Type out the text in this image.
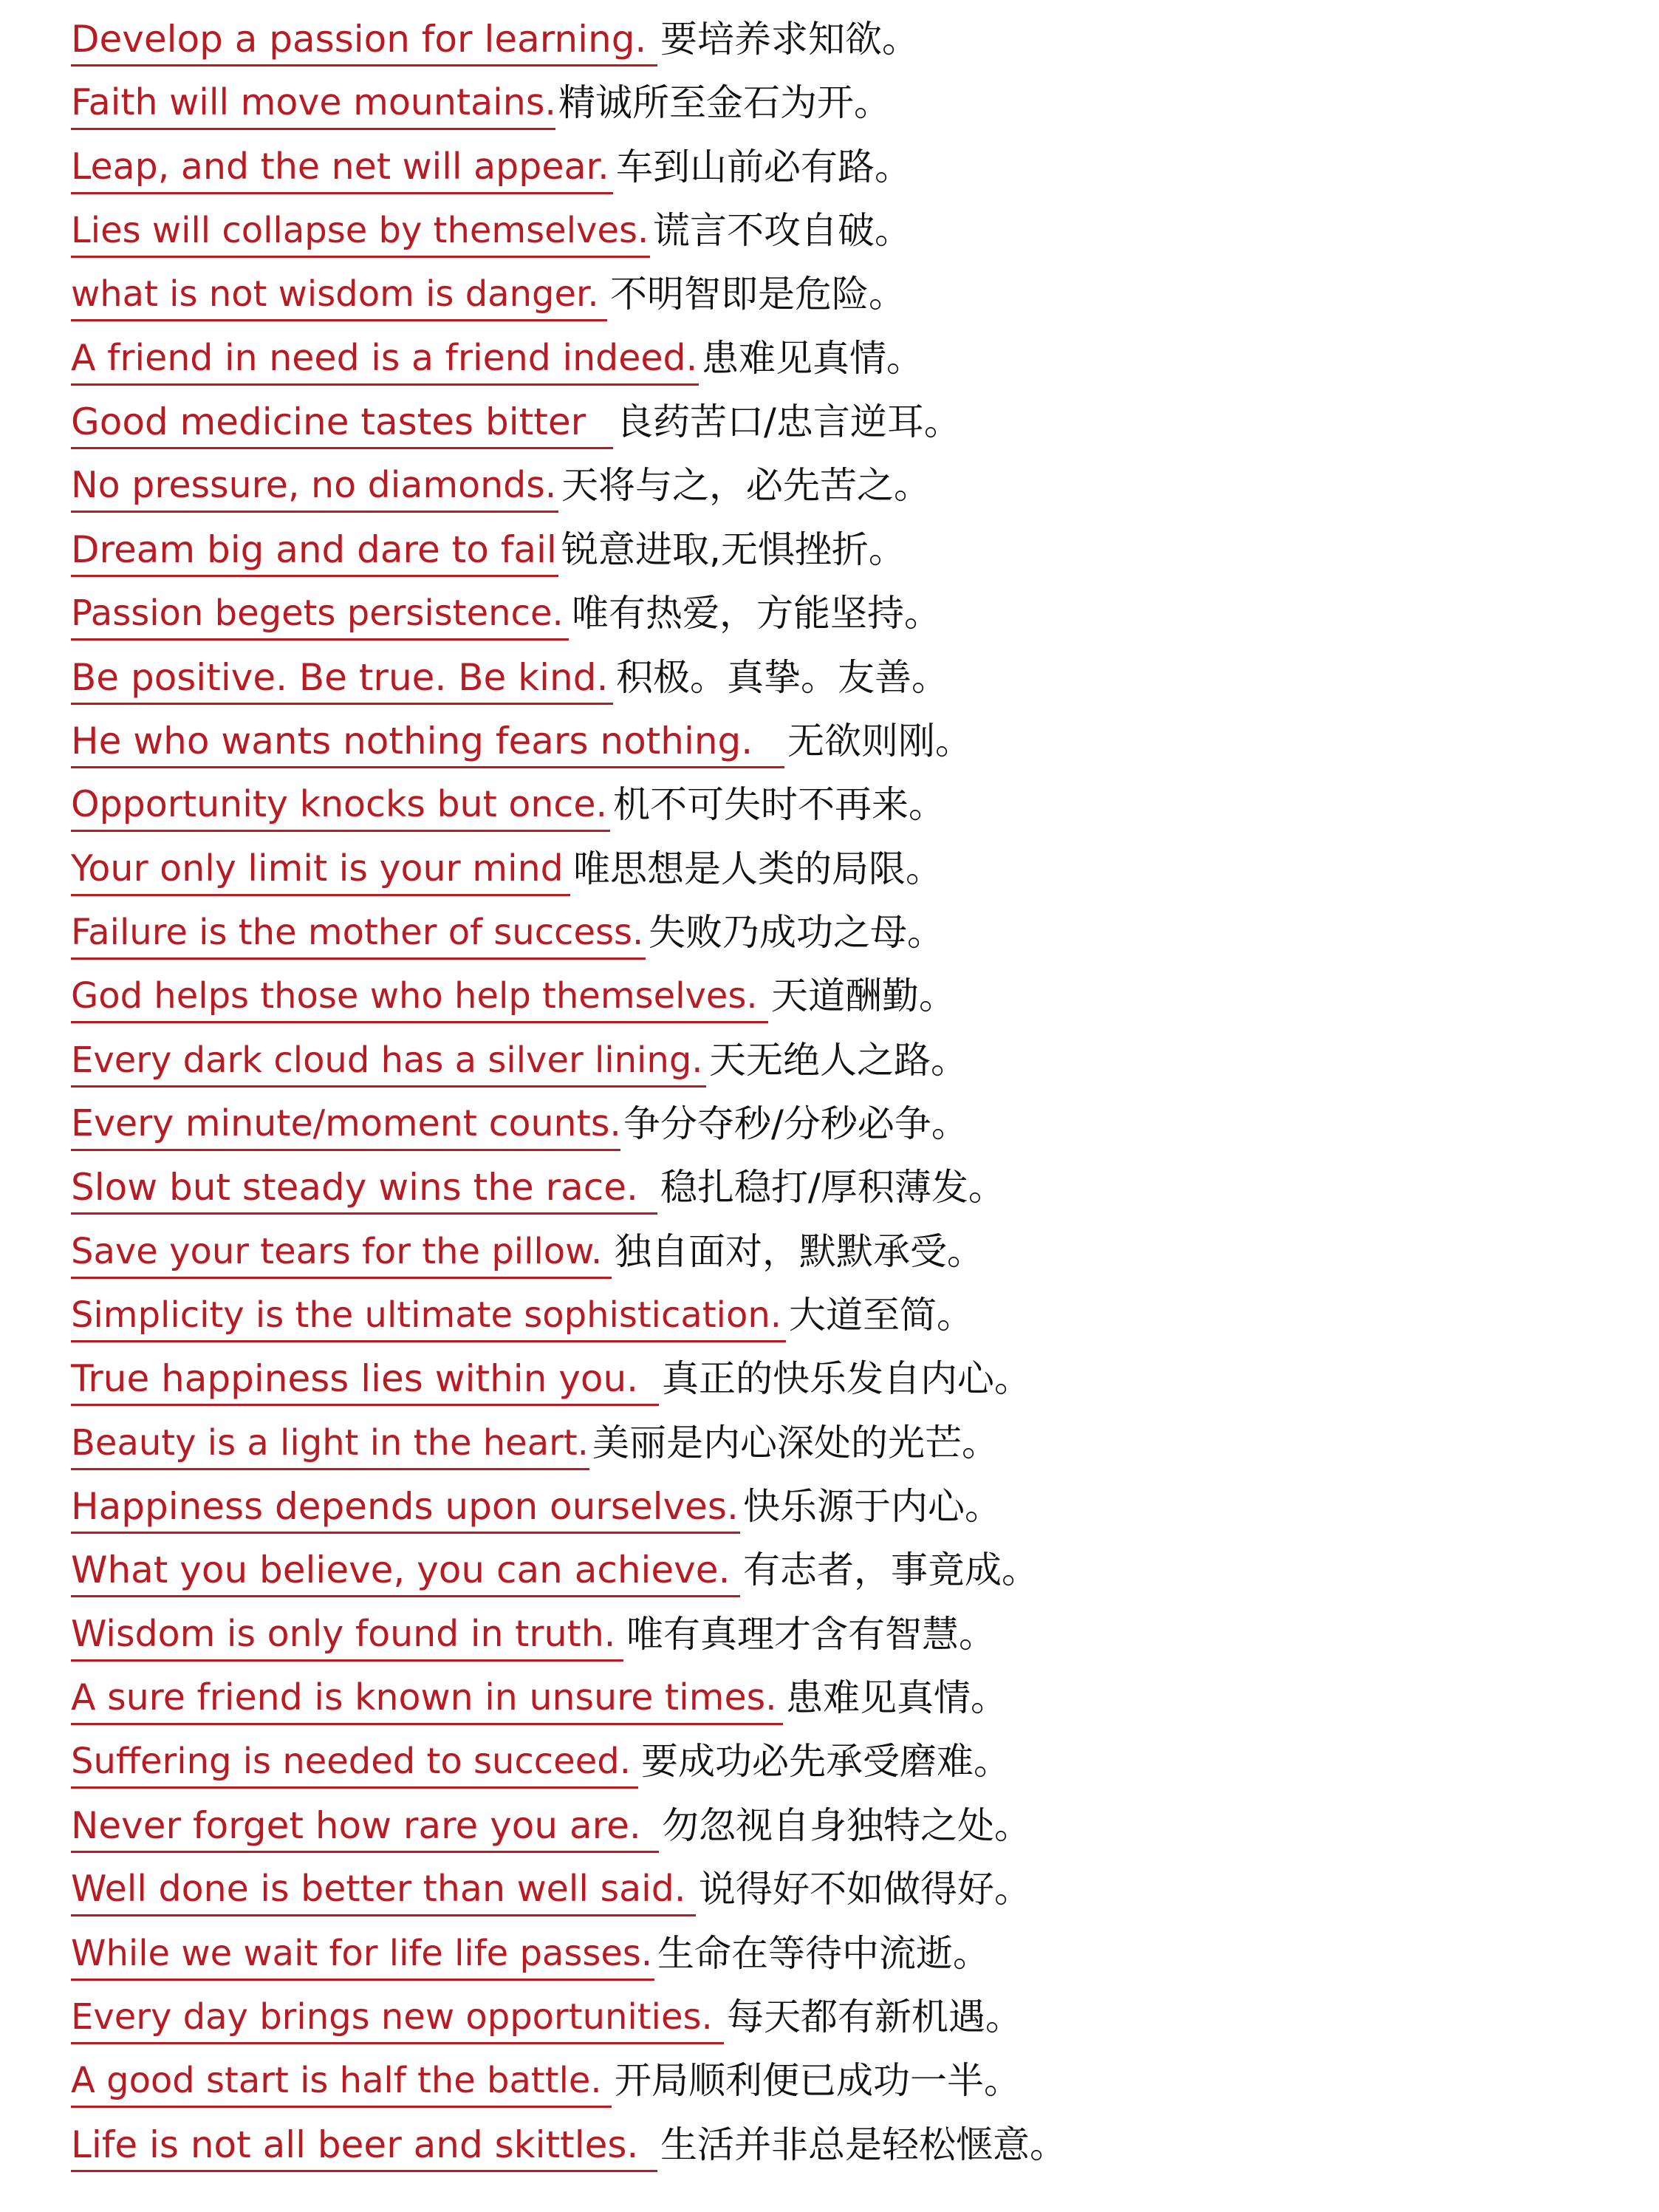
Develop a passion for learning. 要培养求知欲。
Faith will move mountains. 精诚所至金石为开。
Leap, and the net will appear. 车到山前必有路。
Lies will collapse by themselves. 谎言不攻自破。
what is not wisdom is danger. 不明智即是危险。
A friend in need is a friend indeed. 患难见真情。
Good medicine tastes bitter 良药苦口/忠言逆耳。
No pressure, no diamonds. 天将与之，必先苦之。
Dream big and dare to fail 锐意进取,无惧挫折。
Passion begets persistence. 唯有热爱，方能坚持。
Be positive. Be true. Be kind. 积极。真挚。友善。
He who wants nothing fears nothing. 无欲则刚。
Opportunity knocks but once. 机不可失时不再来。
Your only limit is your mind 唯思想是人类的局限。
Failure is the mother of success. 失败乃成功之母。
God helps those who help themselves. 天道酬勤。
Every dark cloud has a silver lining. 天无绝人之路。
Every minute/moment counts. 争分夺秒/分秒必争。
Slow but steady wins the race. 稳扎稳打/厚积薄发。
Save your tears for the pillow. 独自面对，默默承受。
Simplicity is the ultimate sophistication. 大道至简。
True happiness lies within you. 真正的快乐发自内心。
Beauty is a light in the heart. 美丽是内心深处的光芒。
Happiness depends upon ourselves. 快乐源于内心。
What you believe, you can achieve. 有志者，事竟成。
Wisdom is only found in truth. 唯有真理才含有智慧。
A sure friend is known in unsure times. 患难见真情。
Suffering is needed to succeed. 要成功必先承受磨难。
Never forget how rare you are. 勿忽视自身独特之处。
Well done is better than well said. 说得好不如做得好。
While we wait for life life passes. 生命在等待中流逝。
Every day brings new opportunities. 每天都有新机遇。
A good start is half the battle. 开局顺利便已成功一半。
Life is not all beer and skittles. 生活并非总是轻松惬意。
